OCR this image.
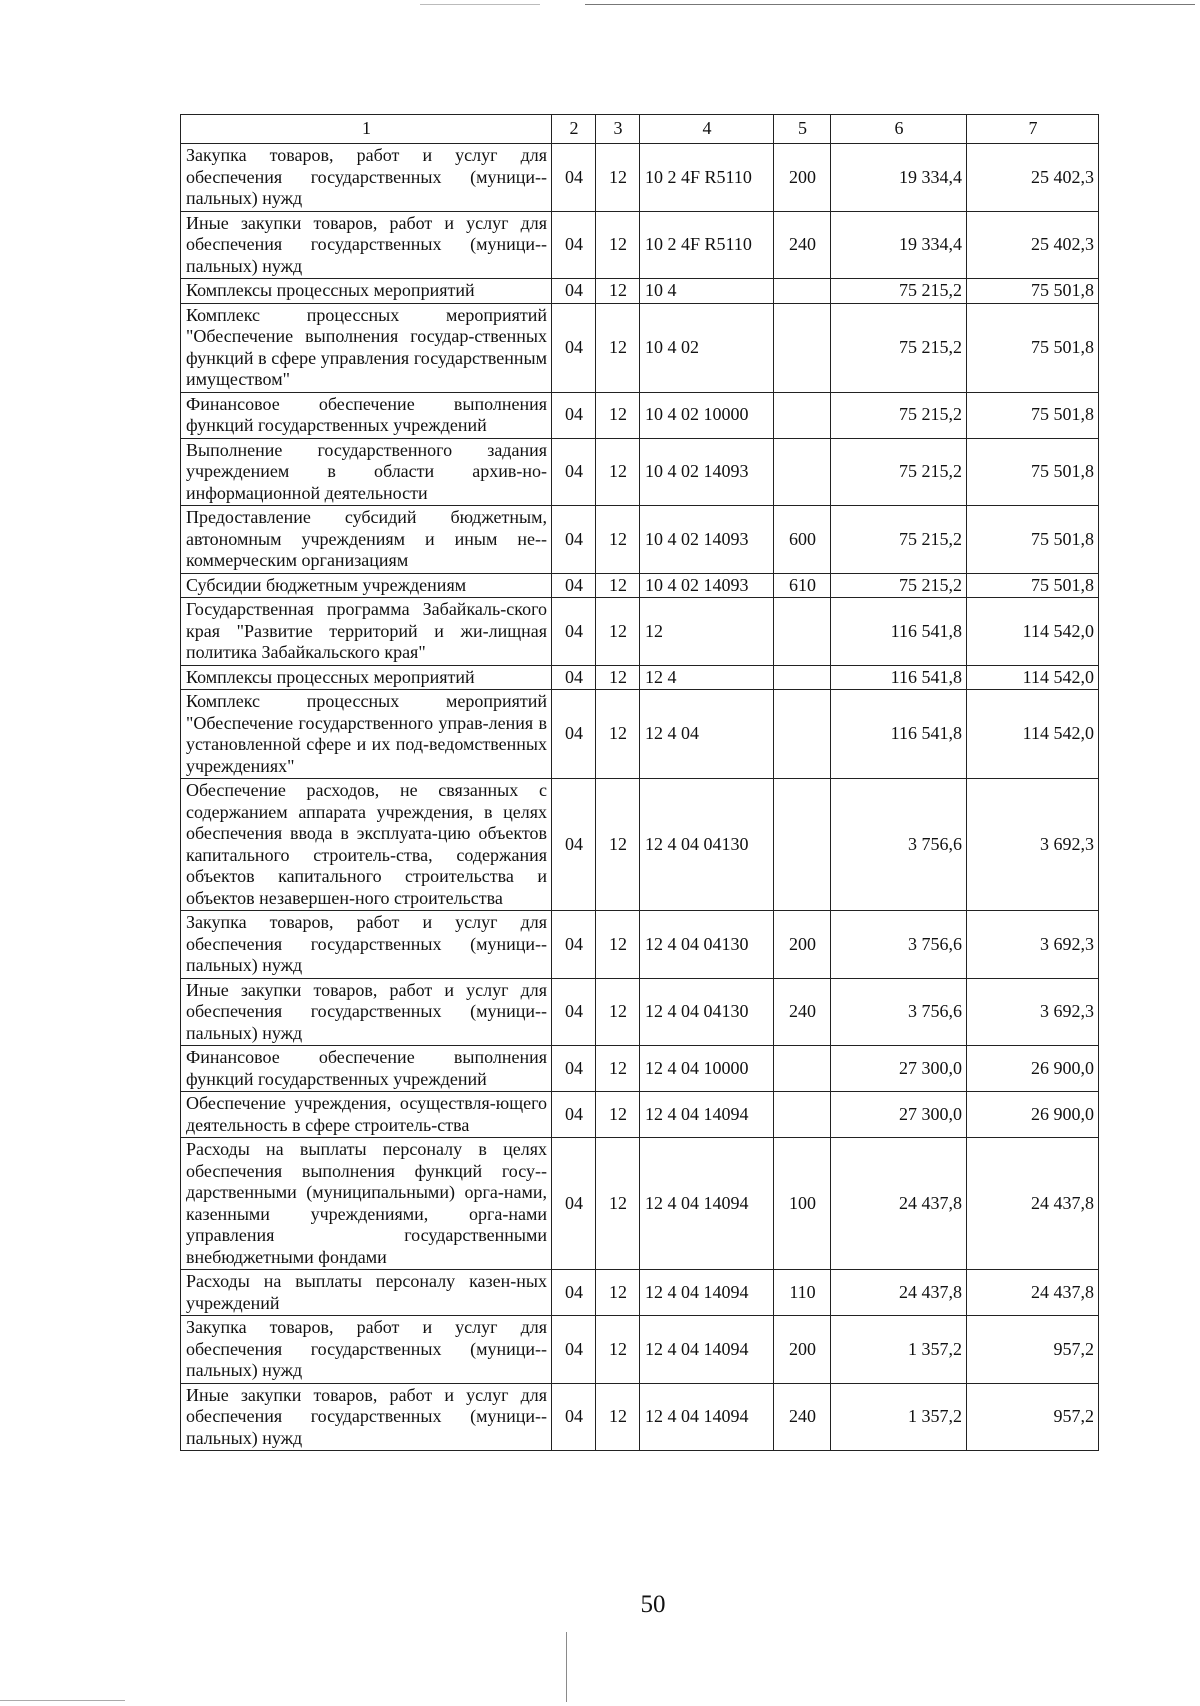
1	2	3	4	5	6	7
Закупка товаров, работ и услуг для обеспечения государственных (муници-пальных) нужд	04	12	10 2 4F R5110	200	19 334,4	25 402,3
Иные закупки товаров, работ и услуг для обеспечения государственных (муници-пальных) нужд	04	12	10 2 4F R5110	240	19 334,4	25 402,3
Комплексы процессных мероприятий	04	12	10 4		75 215,2	75 501,8
Комплекс процессных мероприятий "Обеспечение выполнения государ-ственных функций в сфере управления государственным имуществом"	04	12	10 4 02		75 215,2	75 501,8
Финансовое обеспечение выполнения функций государственных учреждений	04	12	10 4 02 10000		75 215,2	75 501,8
Выполнение государственного задания учреждением в области архив-но-информационной деятельности	04	12	10 4 02 14093		75 215,2	75 501,8
Предоставление субсидий бюджетным, автономным учреждениям и иным не-коммерческим организациям	04	12	10 4 02 14093	600	75 215,2	75 501,8
Субсидии бюджетным учреждениям	04	12	10 4 02 14093	610	75 215,2	75 501,8
Государственная программа Забайкаль-ского края "Развитие территорий и жи-лищная политика Забайкальского края"	04	12	12		116 541,8	114 542,0
Комплексы процессных мероприятий	04	12	12 4		116 541,8	114 542,0
Комплекс процессных мероприятий "Обеспечение государственного управ-ления в установленной сфере и их под-ведомственных учреждениях"	04	12	12 4 04		116 541,8	114 542,0
Обеспечение расходов, не связанных с содержанием аппарата учреждения, в целях обеспечения ввода в эксплуата-цию объектов капитального строитель-ства, содержания объектов капитального строительства и объектов незавершен-ного строительства	04	12	12 4 04 04130		3 756,6	3 692,3
Закупка товаров, работ и услуг для обеспечения государственных (муници-пальных) нужд	04	12	12 4 04 04130	200	3 756,6	3 692,3
Иные закупки товаров, работ и услуг для обеспечения государственных (муници-пальных) нужд	04	12	12 4 04 04130	240	3 756,6	3 692,3
Финансовое обеспечение выполнения функций государственных учреждений	04	12	12 4 04 10000		27 300,0	26 900,0
Обеспечение учреждения, осуществля-ющего деятельность в сфере строитель-ства	04	12	12 4 04 14094		27 300,0	26 900,0
Расходы на выплаты персоналу в целях обеспечения выполнения функций госу-дарственными (муниципальными) орга-нами, казенными учреждениями, орга-нами управления государственными внебюджетными фондами	04	12	12 4 04 14094	100	24 437,8	24 437,8
Расходы на выплаты персоналу казен-ных учреждений	04	12	12 4 04 14094	110	24 437,8	24 437,8
Закупка товаров, работ и услуг для обеспечения государственных (муници-пальных) нужд	04	12	12 4 04 14094	200	1 357,2	957,2
Иные закупки товаров, работ и услуг для обеспечения государственных (муници-пальных) нужд	04	12	12 4 04 14094	240	1 357,2	957,2
50
